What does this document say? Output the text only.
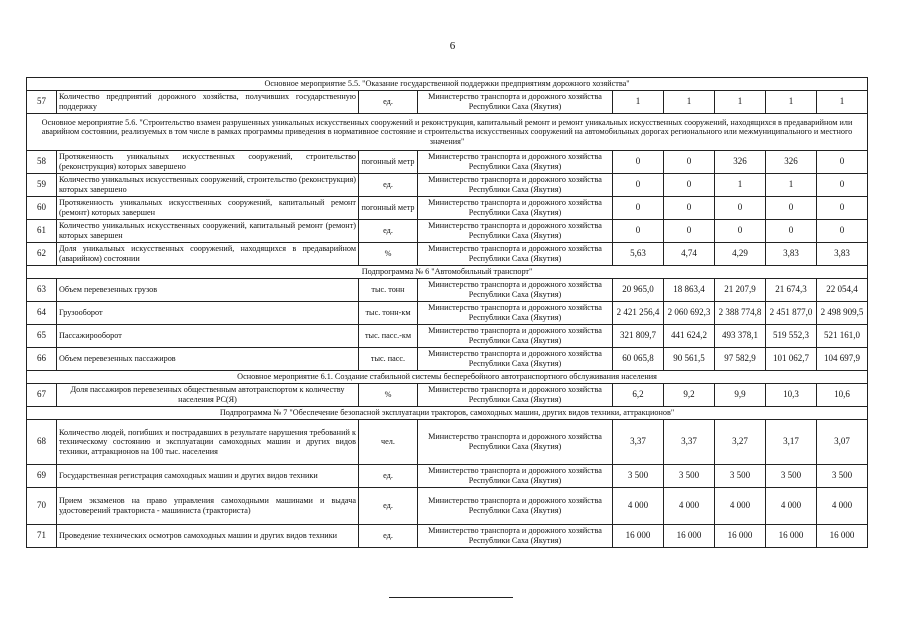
6
Основное мероприятие 5.5. "Оказание государственной поддержки предприятиям дорожного хозяйства"								
57	Количество предприятий дорожного хозяйства, получивших государственную поддержку	ед.	Министерство транспорта и дорожного хозяйства Республики Саха (Якутия)	1	1	1	1	1
Основное мероприятие 5.6. "Строительство взамен разрушенных уникальных искусственных сооружений и реконструкция, капитальный ремонт и ремонт уникальных искусственных сооружений, находящихся в предаварийном или аварийном состоянии, реализуемых в том числе в рамках программы приведения в нормативное состояние и строительства искусственных сооружений на автомобильных дорогах регионального или межмуниципального и местного значения"								
58	Протяженность уникальных искусственных сооружений, строительство (реконструкция) которых завершено	погонный метр	Министерство транспорта и дорожного хозяйства Республики Саха (Якутия)	0	0	326	326	0
59	Количество уникальных искусственных сооружений, строительство (реконструкция) которых завершено	ед.	Министерство транспорта и дорожного хозяйства Республики Саха (Якутия)	0	0	1	1	0
60	Протяженность уникальных искусственных сооружений, капитальный ремонт (ремонт) которых завершен	погонный метр	Министерство транспорта и дорожного хозяйства Республики Саха (Якутия)	0	0	0	0	0
61	Количество уникальных искусственных сооружений, капитальный ремонт (ремонт) которых завершен	ед.	Министерство транспорта и дорожного хозяйства Республики Саха (Якутия)	0	0	0	0	0
62	Доля уникальных искусственных сооружений, находящихся в предаварийном (аварийном) состоянии	%	Министерство транспорта и дорожного хозяйства Республики Саха (Якутия)	5,63	4,74	4,29	3,83	3,83
Подпрограмма № 6 "Автомобильный транспорт"								
63	Объем перевезенных грузов	тыс. тонн	Министерство транспорта и дорожного хозяйства Республики Саха (Якутия)	20 965,0	18 863,4	21 207,9	21 674,3	22 054,4
64	Грузооборот	тыс. тонн-км	Министерство транспорта и дорожного хозяйства Республики Саха (Якутия)	2 421 256,4	2 060 692,3	2 388 774,8	2 451 877,0	2 498 909,5
65	Пассажирооборот	тыс. пасс.-км	Министерство транспорта и дорожного хозяйства Республики Саха (Якутия)	321 809,7	441 624,2	493 378,1	519 552,3	521 161,0
66	Объем перевезенных пассажиров	тыс. пасс.	Министерство транспорта и дорожного хозяйства Республики Саха (Якутия)	60 065,8	90 561,5	97 582,9	101 062,7	104 697,9
Основное мероприятие 6.1. Создание стабильной системы бесперебойного автотранспортного обслуживания населения								
67	Доля пассажиров перевезенных общественным автотранспортом к количеству населения РС(Я)	%	Министерство транспорта и дорожного хозяйства Республики Саха (Якутия)	6,2	9,2	9,9	10,3	10,6
Подпрограмма № 7 "Обеспечение безопасной эксплуатации тракторов, самоходных машин, других видов техники, аттракционов"								
68	Количество людей, погибших и пострадавших в результате нарушения требований к техническому состоянию и эксплуатации самоходных машин и других видов техники, аттракционов на 100 тыс. населения	чел.	Министерство транспорта и дорожного хозяйства Республики Саха (Якутия)	3,37	3,37	3,27	3,17	3,07
69	Государственная регистрация самоходных машин и других видов техники	ед.	Министерство транспорта и дорожного хозяйства Республики Саха (Якутия)	3 500	3 500	3 500	3 500	3 500
70	Прием экзаменов на право управления самоходными машинами и выдача удостоверений тракториста - машиниста (тракториста)	ед.	Министерство транспорта и дорожного хозяйства Республики Саха (Якутия)	4 000	4 000	4 000	4 000	4 000
71	Проведение технических осмотров самоходных машин и других видов техники	ед.	Министерство транспорта и дорожного хозяйства Республики Саха (Якутия)	16 000	16 000	16 000	16 000	16 000
